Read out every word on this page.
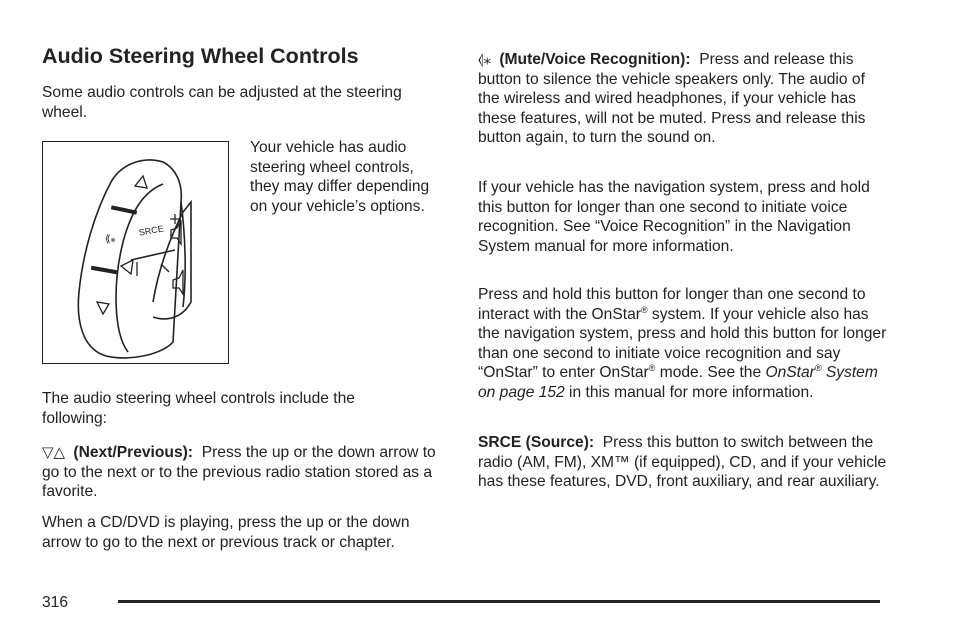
Audio Steering Wheel Controls

Some audio controls can be adjusted at the steering wheel.

⟪⁎
SRCE

Your vehicle has audio steering wheel controls, they may differ depending on your vehicle’s options.

The audio steering wheel controls include the following:

▽△ (Next/Previous): Press the up or the down arrow to go to the next or to the previous radio station stored as a favorite.

When a CD/DVD is playing, press the up or the down arrow to go to the next or previous track or chapter.

⦉⁎ (Mute/Voice Recognition): Press and release this button to silence the vehicle speakers only. The audio of the wireless and wired headphones, if your vehicle has these features, will not be muted. Press and release this button again, to turn the sound on.

If your vehicle has the navigation system, press and hold this button for longer than one second to initiate voice recognition. See “Voice Recognition” in the Navigation System manual for more information.

Press and hold this button for longer than one second to interact with the OnStar® system. If your vehicle also has the navigation system, press and hold this button for longer than one second to initiate voice recognition and say “OnStar” to enter OnStar® mode. See the OnStar® System on page 152 in this manual for more information.

SRCE (Source): Press this button to switch between the radio (AM, FM), XM™ (if equipped), CD, and if your vehicle has these features, DVD, front auxiliary, and rear auxiliary.

316
